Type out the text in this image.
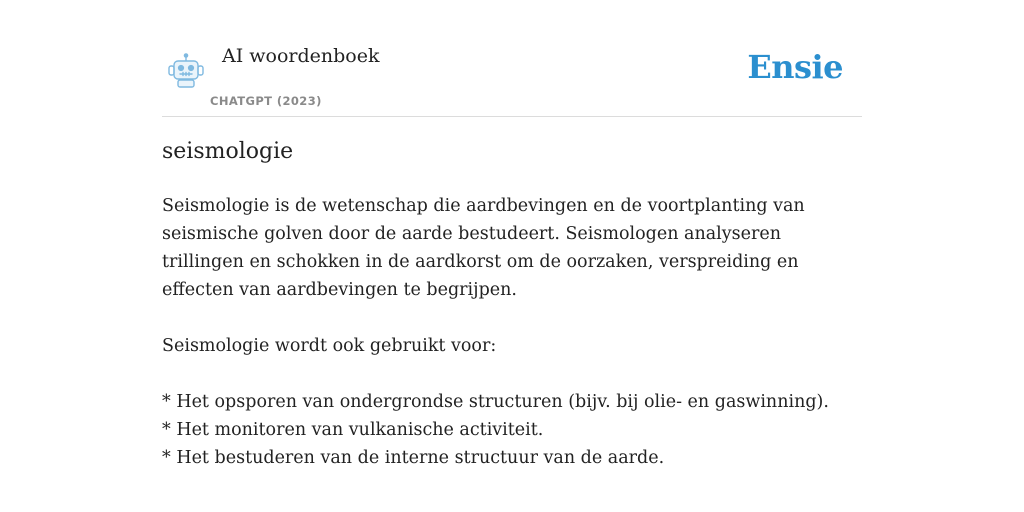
AI woordenboek
CHATGPT (2023)
Ensie
seismologie

Seismologie is de wetenschap die aardbevingen en de voortplanting van seismische golven door de aarde bestudeert. Seismologen analyseren trillingen en schokken in de aardkorst om de oorzaken, verspreiding en effecten van aardbevingen te begrijpen.

Seismologie wordt ook gebruikt voor:

* Het opsporen van ondergrondse structuren (bijv. bij olie- en gaswinning).
* Het monitoren van vulkanische activiteit.
* Het bestuderen van de interne structuur van de aarde.
